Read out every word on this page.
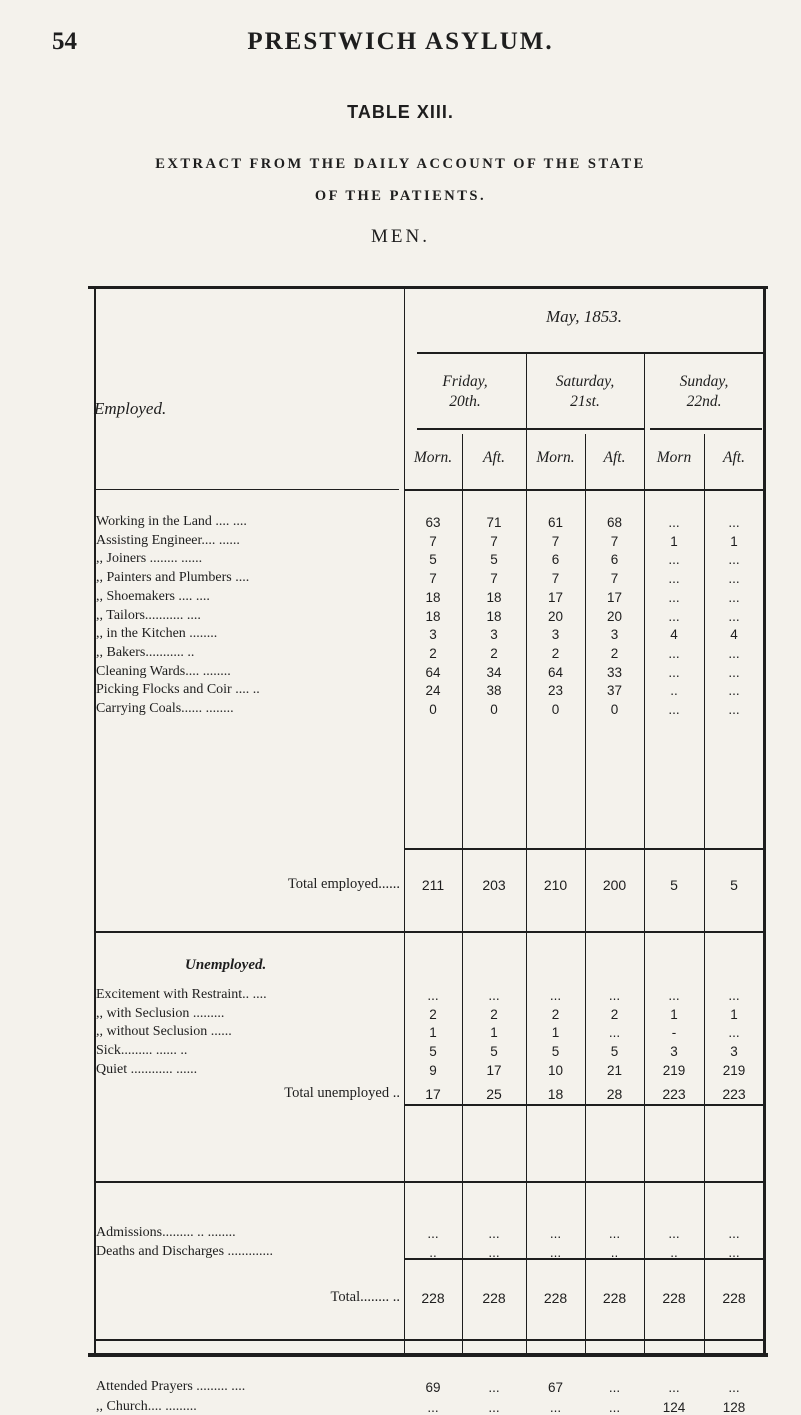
54	PRESTWICH ASYLUM.
TABLE XIII.
EXTRACT FROM THE DAILY ACCOUNT OF THE STATE
OF THE PATIENTS.
MEN.
Employed.
May, 1853.
Friday,
20th.
Saturday,
21st.
Sunday,
22nd.
Morn.	Aft.	Morn.	Aft.	Morn	Aft.
Working in the Land .... ....	63	71	61	68	...	...
Assisting Engineer.... ......	7	7	7	7	1	1
,, Joiners ........ ......	5	5	6	6	...	...
,, Painters and Plumbers ....	7	7	7	7	...	...
,, Shoemakers .... ....	18	18	17	17	...	...
,, Tailors........... ....	18	18	20	20	...	...
,, in the Kitchen ........	3	3	3	3	4	4
,, Bakers........... ..	2	2	2	2	...	...
Cleaning Wards.... ........	64	34	64	33	...	...
Picking Flocks and Coir .... ..	24	38	23	37	..	...
Carrying Coals...... ........	0	0	0	0	...	...
Total employed......	211	203	210	200	5	5
Excitement with Restraint.. ....	...	...	...	...	...	...
,, with Seclusion .........	2	2	2	2	1	1
,, without Seclusion ......	1	1	1	...	-	...
Sick......... ...... ..	5	5	5	5	3	3
Quiet ............ ......	9	17	10	21	219	219
Total unemployed ..	17	25	18	28	223	223
Admissions......... .. ........	...	...	...	...	...	...
Deaths and Discharges .............	..	...	...	..	..	...
Total........ ..	228	228	228	228	228	228
Attended Prayers ......... ....	69	...	67	...	...	...
,, Church.... .........	...	...	...	...	124	128
Unemployed.
